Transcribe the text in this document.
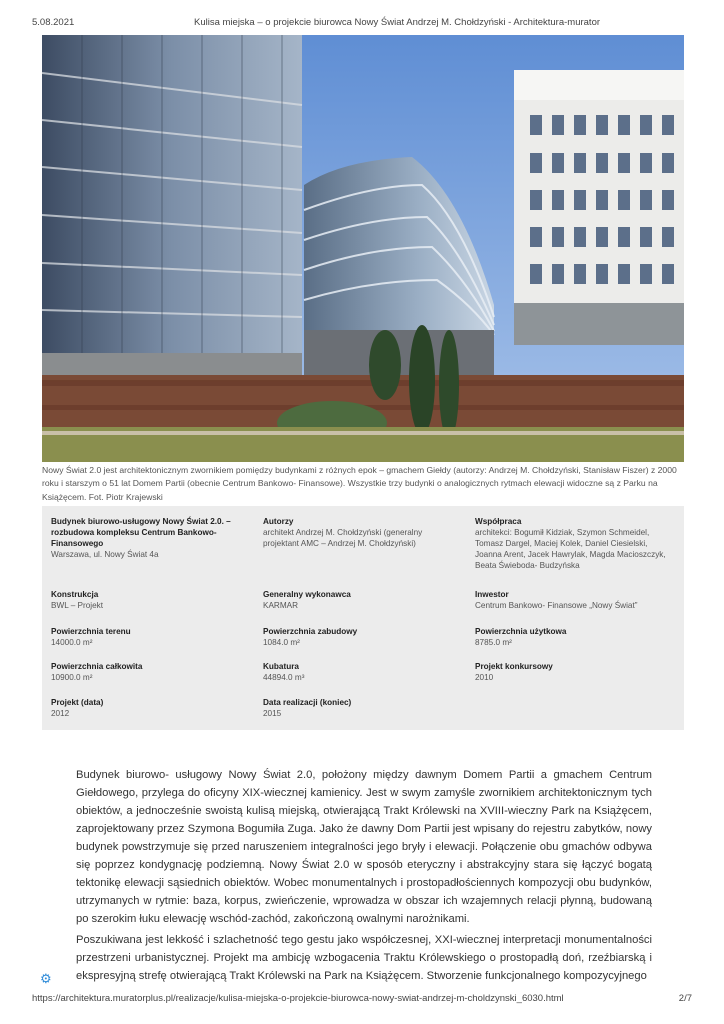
5.08.2021	Kulisa miejska – o projekcie biurowca Nowy Świat Andrzej M. Chołdzyński - Architektura-murator
Nowy Świat 2.0 jest architektonicznym zwornikiem pomiędzy budynkami z różnych epok – gmachem Giełdy (autorzy: Andrzej M. Chołdzyński, Stanisław Fiszer) z 2000 roku i starszym o 51 lat Domem Partii (obecnie Centrum Bankowo- Finansowe). Wszystkie trzy budynki o analogicznych rytmach elewacji widoczne są z Parku na Książęcem. Fot. Piotr Krajewski
Budynek biurowo-usługowy Nowy Świat 2.0. – rozbudowa kompleksu Centrum Bankowo-Finansowego
Warszawa, ul. Nowy Świat 4a
Autorzy
architekt Andrzej M. Chołdzyński (generalny projektant AMC – Andrzej M. Chołdzyński)
Współpraca
architekci: Bogumił Kidziak, Szymon Schmeidel, Tomasz Dargel, Maciej Kolek, Daniel Ciesielski, Joanna Arent, Jacek Hawrylak, Magda Macioszczyk, Beata Świeboda- Budzyńska
Konstrukcja
BWL – Projekt
Generalny wykonawca
KARMAR
Inwestor
Centrum Bankowo- Finansowe „Nowy Świat”
Powierzchnia terenu
14000.0 m²
Powierzchnia zabudowy
1084.0 m²
Powierzchnia użytkowa
8785.0 m²
Powierzchnia całkowita
10900.0 m²
Kubatura
44894.0 m³
Projekt konkursowy
2010
Projekt (data)
2012
Data realizacji (koniec)
2015

Budynek biurowo- usługowy Nowy Świat 2.0, położony między dawnym Domem Partii a gmachem Centrum Giełdowego, przylega do oficyny XIX-wiecznej kamienicy. Jest w swym zamyśle zwornikiem architektonicznym tych obiektów, a jednocześnie swoistą kulisą miejską, otwierającą Trakt Królewski na XVIII-wieczny Park na Książęcem, zaprojektowany przez Szymona Bogumiła Zuga. Jako że dawny Dom Partii jest wpisany do rejestru zabytków, nowy budynek powstrzymuje się przed naruszeniem integralności jego bryły i elewacji. Połączenie obu gmachów odbywa się poprzez kondygnację podziemną. Nowy Świat 2.0 w sposób eteryczny i abstrakcyjny stara się łączyć bogatą tektonikę elewacji sąsiednich obiektów. Wobec monumentalnych i prostopadłościennych kompozycji obu budynków, utrzymanych w rytmie: baza, korpus, zwieńczenie, wprowadza w obszar ich wzajemnych relacji płynną, budowaną po szerokim łuku elewację wschód-zachód, zakończoną owalnymi narożnikami.

Poszukiwana jest lekkość i szlachetność tego gestu jako współczesnej, XXI-wiecznej interpretacji monumentalności przestrzeni urbanistycznej. Projekt ma ambicję wzbogacenia Traktu Królewskiego o prostopadłą doń, rzeźbiarską i ekspresyjną strefę otwierającą Trakt Królewski na Park na Książęcem. Stworzenie funkcjonalnego kompozycyjnego

⚙
https://architektura.muratorplus.pl/realizacje/kulisa-miejska-o-projekcie-biurowca-nowy-swiat-andrzej-m-choldzynski_6030.html	2/7
